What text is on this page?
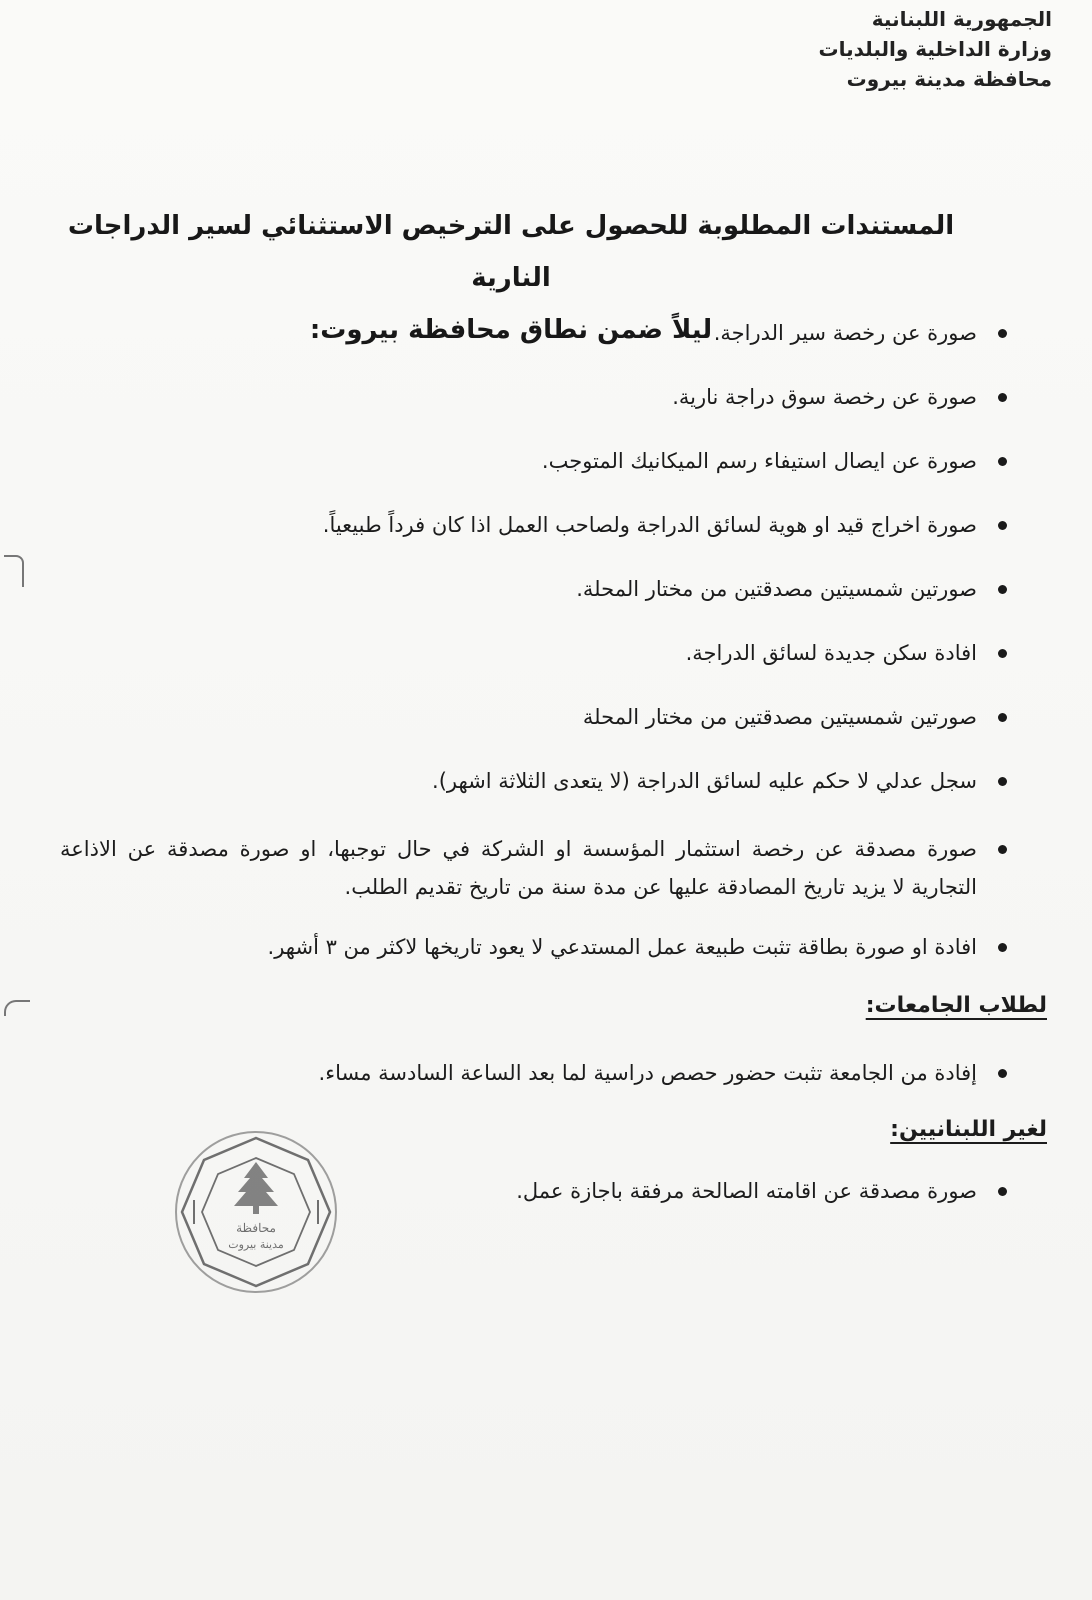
الجمهورية اللبنانية
وزارة الداخلية والبلديات
محافظة مدينة بيروت
المستندات المطلوبة للحصول على الترخيص الاستثنائي لسير الدراجات النارية
ليلاً ضمن نطاق محافظة بيروت: صورة عن رخصة سير الدراجة.
صورة عن رخصة سوق دراجة نارية.
صورة عن ايصال استيفاء رسم الميكانيك المتوجب.
صورة اخراج قيد او هوية لسائق الدراجة ولصاحب العمل اذا كان فرداً طبيعياً.
صورتين شمسيتين مصدقتين من مختار المحلة.
افادة سكن جديدة لسائق الدراجة.
صورتين شمسيتين مصدقتين من مختار المحلة
سجل عدلي لا حكم عليه لسائق الدراجة (لا يتعدى الثلاثة اشهر).
صورة مصدقة عن رخصة استثمار المؤسسة او الشركة في حال توجبها، او صورة مصدقة عن الاذاعة التجارية لا يزيد تاريخ المصادقة عليها عن مدة سنة من تاريخ تقديم الطلب.
افادة او صورة بطاقة تثبت طبيعة عمل المستدعي لا يعود تاريخها لاكثر من ٣ أشهر.
لطلاب الجامعات:
إفادة من الجامعة تثبت حضور حصص دراسية لما بعد الساعة السادسة مساء.
لغير اللبنانيين:
صورة مصدقة عن اقامته الصالحة مرفقة باجازة عمل.
محافظة
مدينة بيروت
